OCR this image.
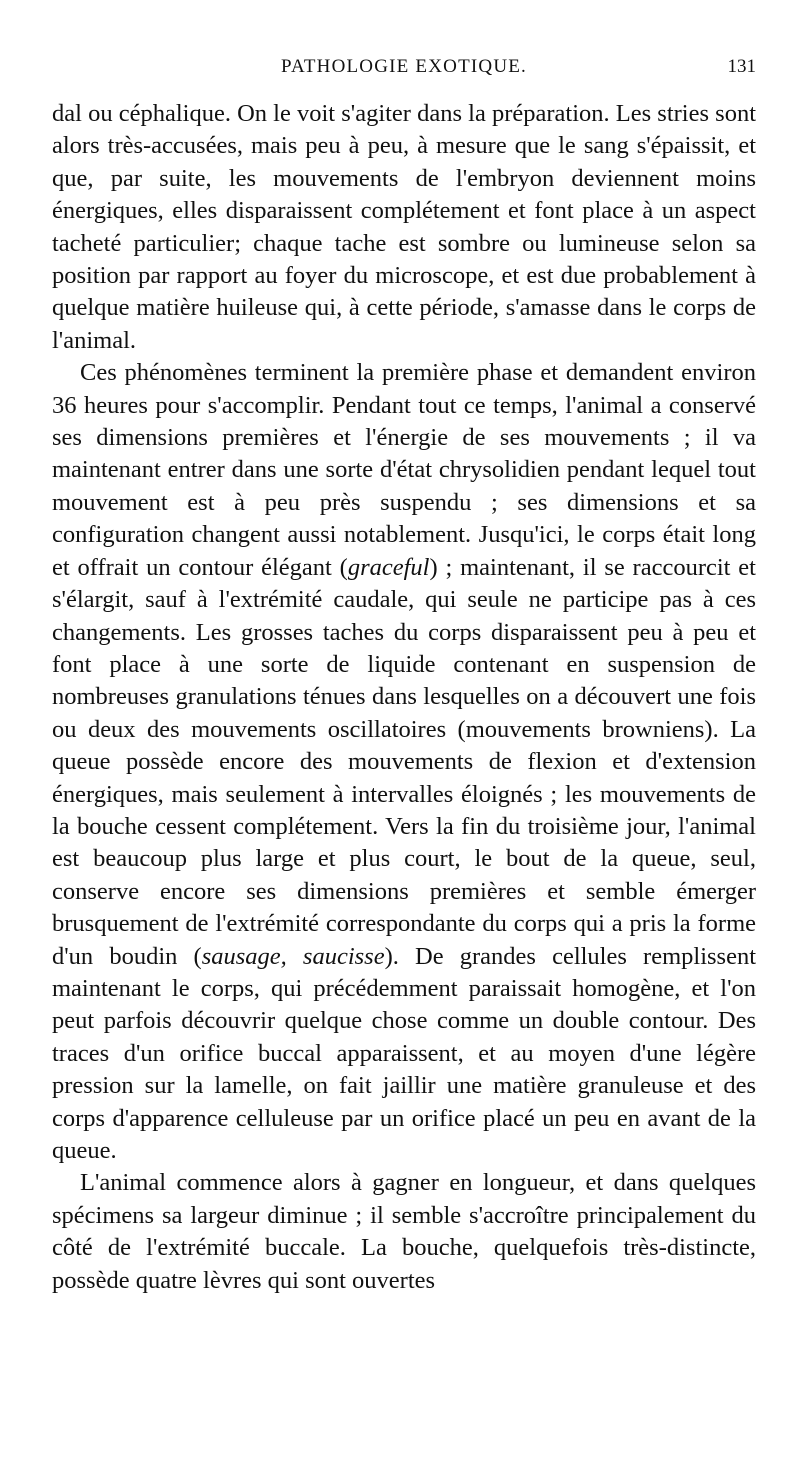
PATHOLOGIE EXOTIQUE.	131

dal ou céphalique. On le voit s'agiter dans la préparation. Les stries sont alors très-accusées, mais peu à peu, à mesure que le sang s'épaissit, et que, par suite, les mouvements de l'embryon deviennent moins énergiques, elles disparaissent complétement et font place à un aspect tacheté particulier; chaque tache est sombre ou lumineuse selon sa position par rapport au foyer du microscope, et est due probablement à quelque matière huileuse qui, à cette période, s'amasse dans le corps de l'animal.

Ces phénomènes terminent la première phase et demandent environ 36 heures pour s'accomplir. Pendant tout ce temps, l'animal a conservé ses dimensions premières et l'énergie de ses mouvements ; il va maintenant entrer dans une sorte d'état chrysolidien pendant lequel tout mouvement est à peu près suspendu ; ses dimensions et sa configuration changent aussi notablement. Jusqu'ici, le corps était long et offrait un contour élégant (graceful) ; maintenant, il se raccourcit et s'élargit, sauf à l'extrémité caudale, qui seule ne participe pas à ces changements. Les grosses taches du corps disparaissent peu à peu et font place à une sorte de liquide contenant en suspension de nombreuses granulations ténues dans lesquelles on a découvert une fois ou deux des mouvements oscillatoires (mouvements browniens). La queue possède encore des mouvements de flexion et d'extension énergiques, mais seulement à intervalles éloignés ; les mouvements de la bouche cessent complétement. Vers la fin du troisième jour, l'animal est beaucoup plus large et plus court, le bout de la queue, seul, conserve encore ses dimensions premières et semble émerger brusquement de l'extrémité correspondante du corps qui a pris la forme d'un boudin (sausage, saucisse). De grandes cellules remplissent maintenant le corps, qui précédemment paraissait homogène, et l'on peut parfois découvrir quelque chose comme un double contour. Des traces d'un orifice buccal apparaissent, et au moyen d'une légère pression sur la lamelle, on fait jaillir une matière granuleuse et des corps d'apparence celluleuse par un orifice placé un peu en avant de la queue.

L'animal commence alors à gagner en longueur, et dans quelques spécimens sa largeur diminue ; il semble s'accroître principalement du côté de l'extrémité buccale. La bouche, quelquefois très-distincte, possède quatre lèvres qui sont ouvertes
